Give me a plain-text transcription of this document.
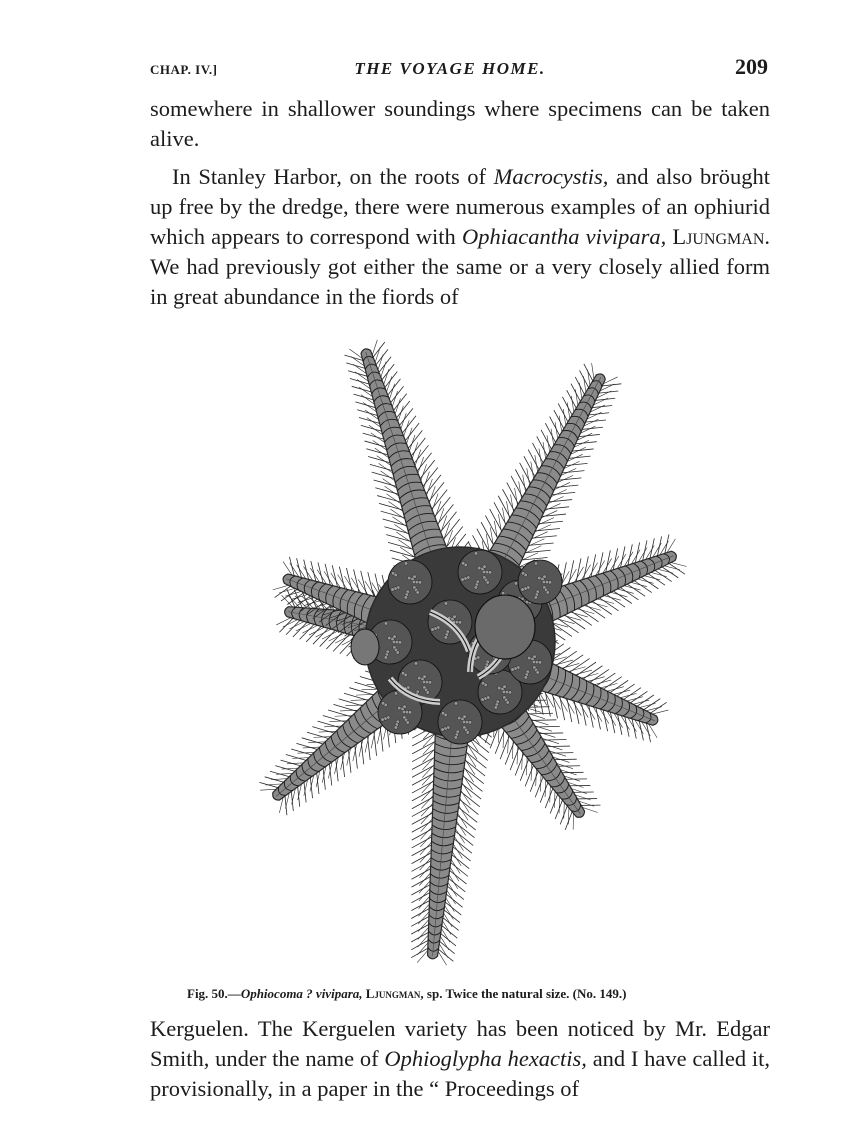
CHAP. IV.]	THE VOYAGE HOME.	209

somewhere in shallower soundings where specimens can be taken alive.

In Stanley Harbor, on the roots of Macrocystis, and also bröught up free by the dredge, there were numerous examples of an ophiurid which appears to correspond with Ophiacantha vivipara, Ljungman. We had previously got either the same or a very closely allied form in great abundance in the fiords of

Fig. 50.—Ophiocoma ? vivipara, Ljungman, sp. Twice the natural size. (No. 149.)

Kerguelen. The Kerguelen variety has been noticed by Mr. Edgar Smith, under the name of Ophioglypha hexactis, and I have called it, provisionally, in a paper in the “ Proceedings of
